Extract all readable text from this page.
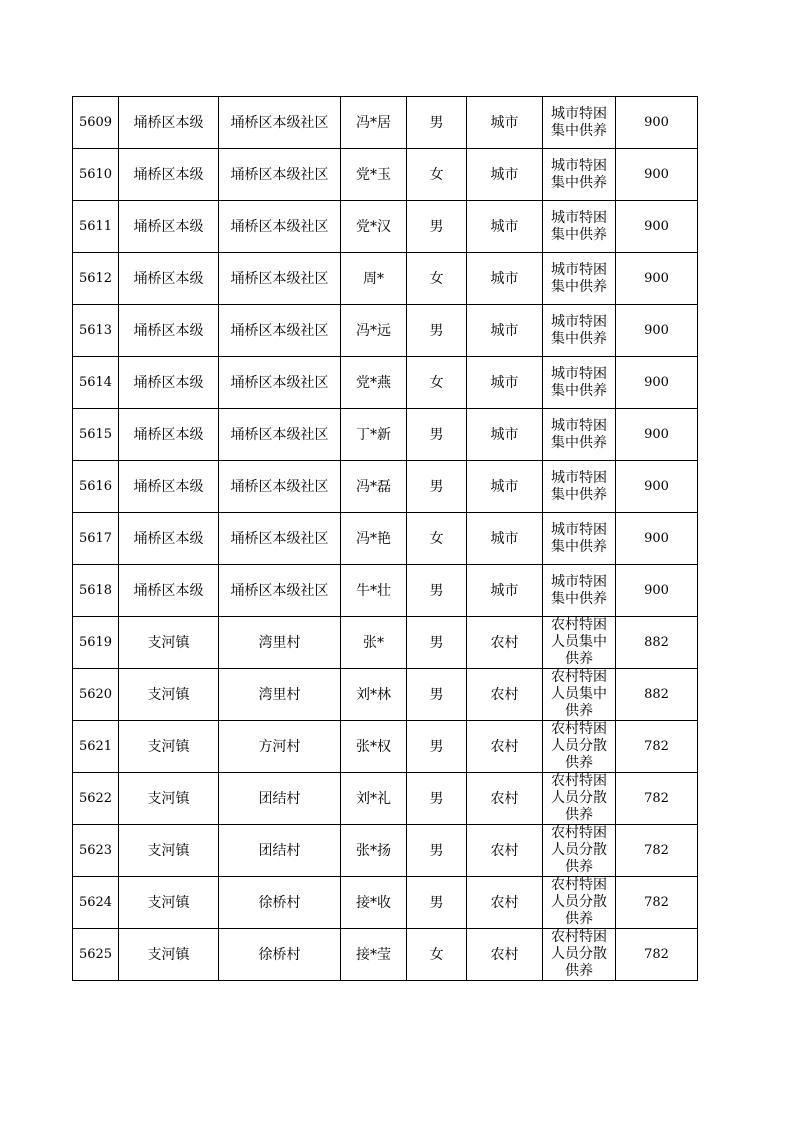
5609	埇桥区本级	埇桥区本级社区	冯*居	男	城市	城市特困集中供养	900
5610	埇桥区本级	埇桥区本级社区	党*玉	女	城市	城市特困集中供养	900
5611	埇桥区本级	埇桥区本级社区	党*汉	男	城市	城市特困集中供养	900
5612	埇桥区本级	埇桥区本级社区	周*	女	城市	城市特困集中供养	900
5613	埇桥区本级	埇桥区本级社区	冯*远	男	城市	城市特困集中供养	900
5614	埇桥区本级	埇桥区本级社区	党*燕	女	城市	城市特困集中供养	900
5615	埇桥区本级	埇桥区本级社区	丁*新	男	城市	城市特困集中供养	900
5616	埇桥区本级	埇桥区本级社区	冯*磊	男	城市	城市特困集中供养	900
5617	埇桥区本级	埇桥区本级社区	冯*艳	女	城市	城市特困集中供养	900
5618	埇桥区本级	埇桥区本级社区	牛*壮	男	城市	城市特困集中供养	900
5619	支河镇	湾里村	张*	男	农村	农村特困人员集中供养	882
5620	支河镇	湾里村	刘*林	男	农村	农村特困人员集中供养	882
5621	支河镇	方河村	张*权	男	农村	农村特困人员分散供养	782
5622	支河镇	团结村	刘*礼	男	农村	农村特困人员分散供养	782
5623	支河镇	团结村	张*扬	男	农村	农村特困人员分散供养	782
5624	支河镇	徐桥村	接*收	男	农村	农村特困人员分散供养	782
5625	支河镇	徐桥村	接*莹	女	农村	农村特困人员分散供养	782
